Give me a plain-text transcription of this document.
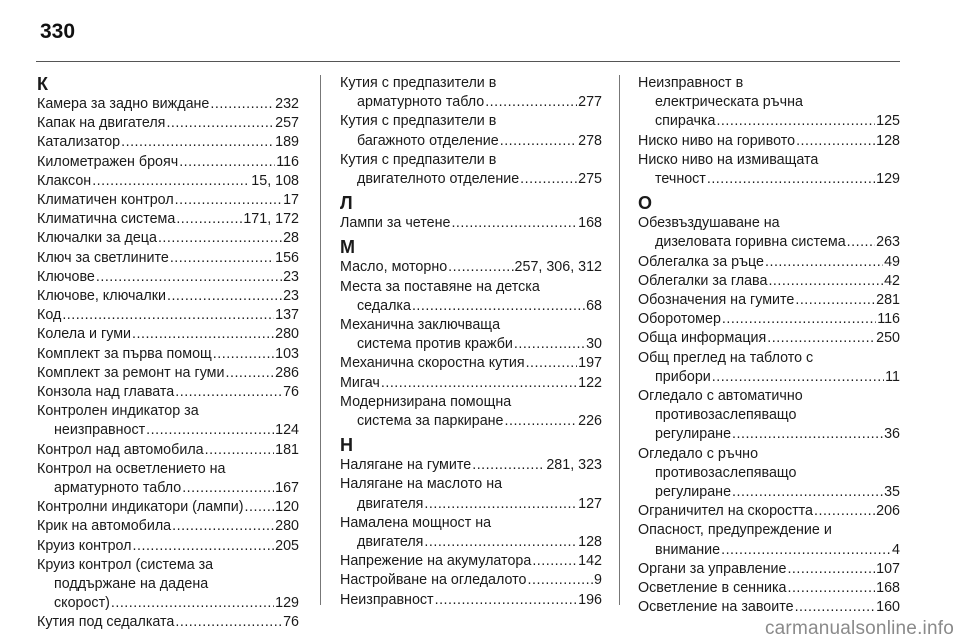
330
К
Камера за задно виждане .....	232
Капак на двигателя .....	257
Катализатор .....	189
Километражен брояч .....	116
Клаксон .....	15, 108
Климатичен контрол .....	17
Климатична система .....	171, 172
Ключалки за деца .....	28
Ключ за светлините .....	156
Ключове .....	23
Ключове, ключалки .....	23
Код .....	137
Колела и гуми .....	280
Комплект за първа помощ .....	103
Комплект за ремонт на гуми .....	286
Конзола над главата .....	76
Контролен индикатор за
неизправност .....	124
Контрол над автомобила .....	181
Контрол на осветлението на
арматурното табло .....	167
Контролни индикатори (лампи) ..... 120
Крик на автомобила .....	280
Круиз контрол .....	205
Круиз контрол (система за
поддържане на дадена
скорост) .....	129
Кутия под седалката .....	76
Кутия с предпазители в
арматурното табло .....	277
Кутия с предпазители в
багажното отделение .....	278
Кутия с предпазители в
двигателното отделение .....	275
Л
Лампи за четене .....	168
М
Масло, моторно .....	257, 306, 312
Места за поставяне на детска
седалка .....	68
Механична заключваща
система против кражби .....	30
Механична скоростна кутия .....	197
Мигач .....	122
Модернизирана помощна
система за паркиране .....	226
Н
Налягане на гумите .....	281, 323
Налягане на маслото на
двигателя .....	127
Намалена мощност на
двигателя .....	128
Напрежение на акумулатора .....	142
Настройване на огледалото .....	9
Неизправност .....	196
Неизправност в
електрическата ръчна
спирачка .....	125
Ниско ниво на горивото .....	128
Ниско ниво на измиващата
течност .....	129
О
Обезвъздушаване на
дизеловата горивна система ..... 263
Облегалка за ръце .....	49
Облегалки за глава .....	42
Обозначения на гумите .....	281
Оборотомер .....	116
Обща информация .....	250
Общ преглед на таблото с
прибори .....	11
Огледало с автоматично
противозаслепяващо
регулиране .....	36
Огледало с ръчно
противозаслепяващо
регулиране .....	35
Ограничител на скоростта .....	206
Опасност, предупреждение и
внимание .....	4
Органи за управление .....	107
Осветление в сенника .....	168
Осветление на завоите .....	160
carmanualsonline.info
